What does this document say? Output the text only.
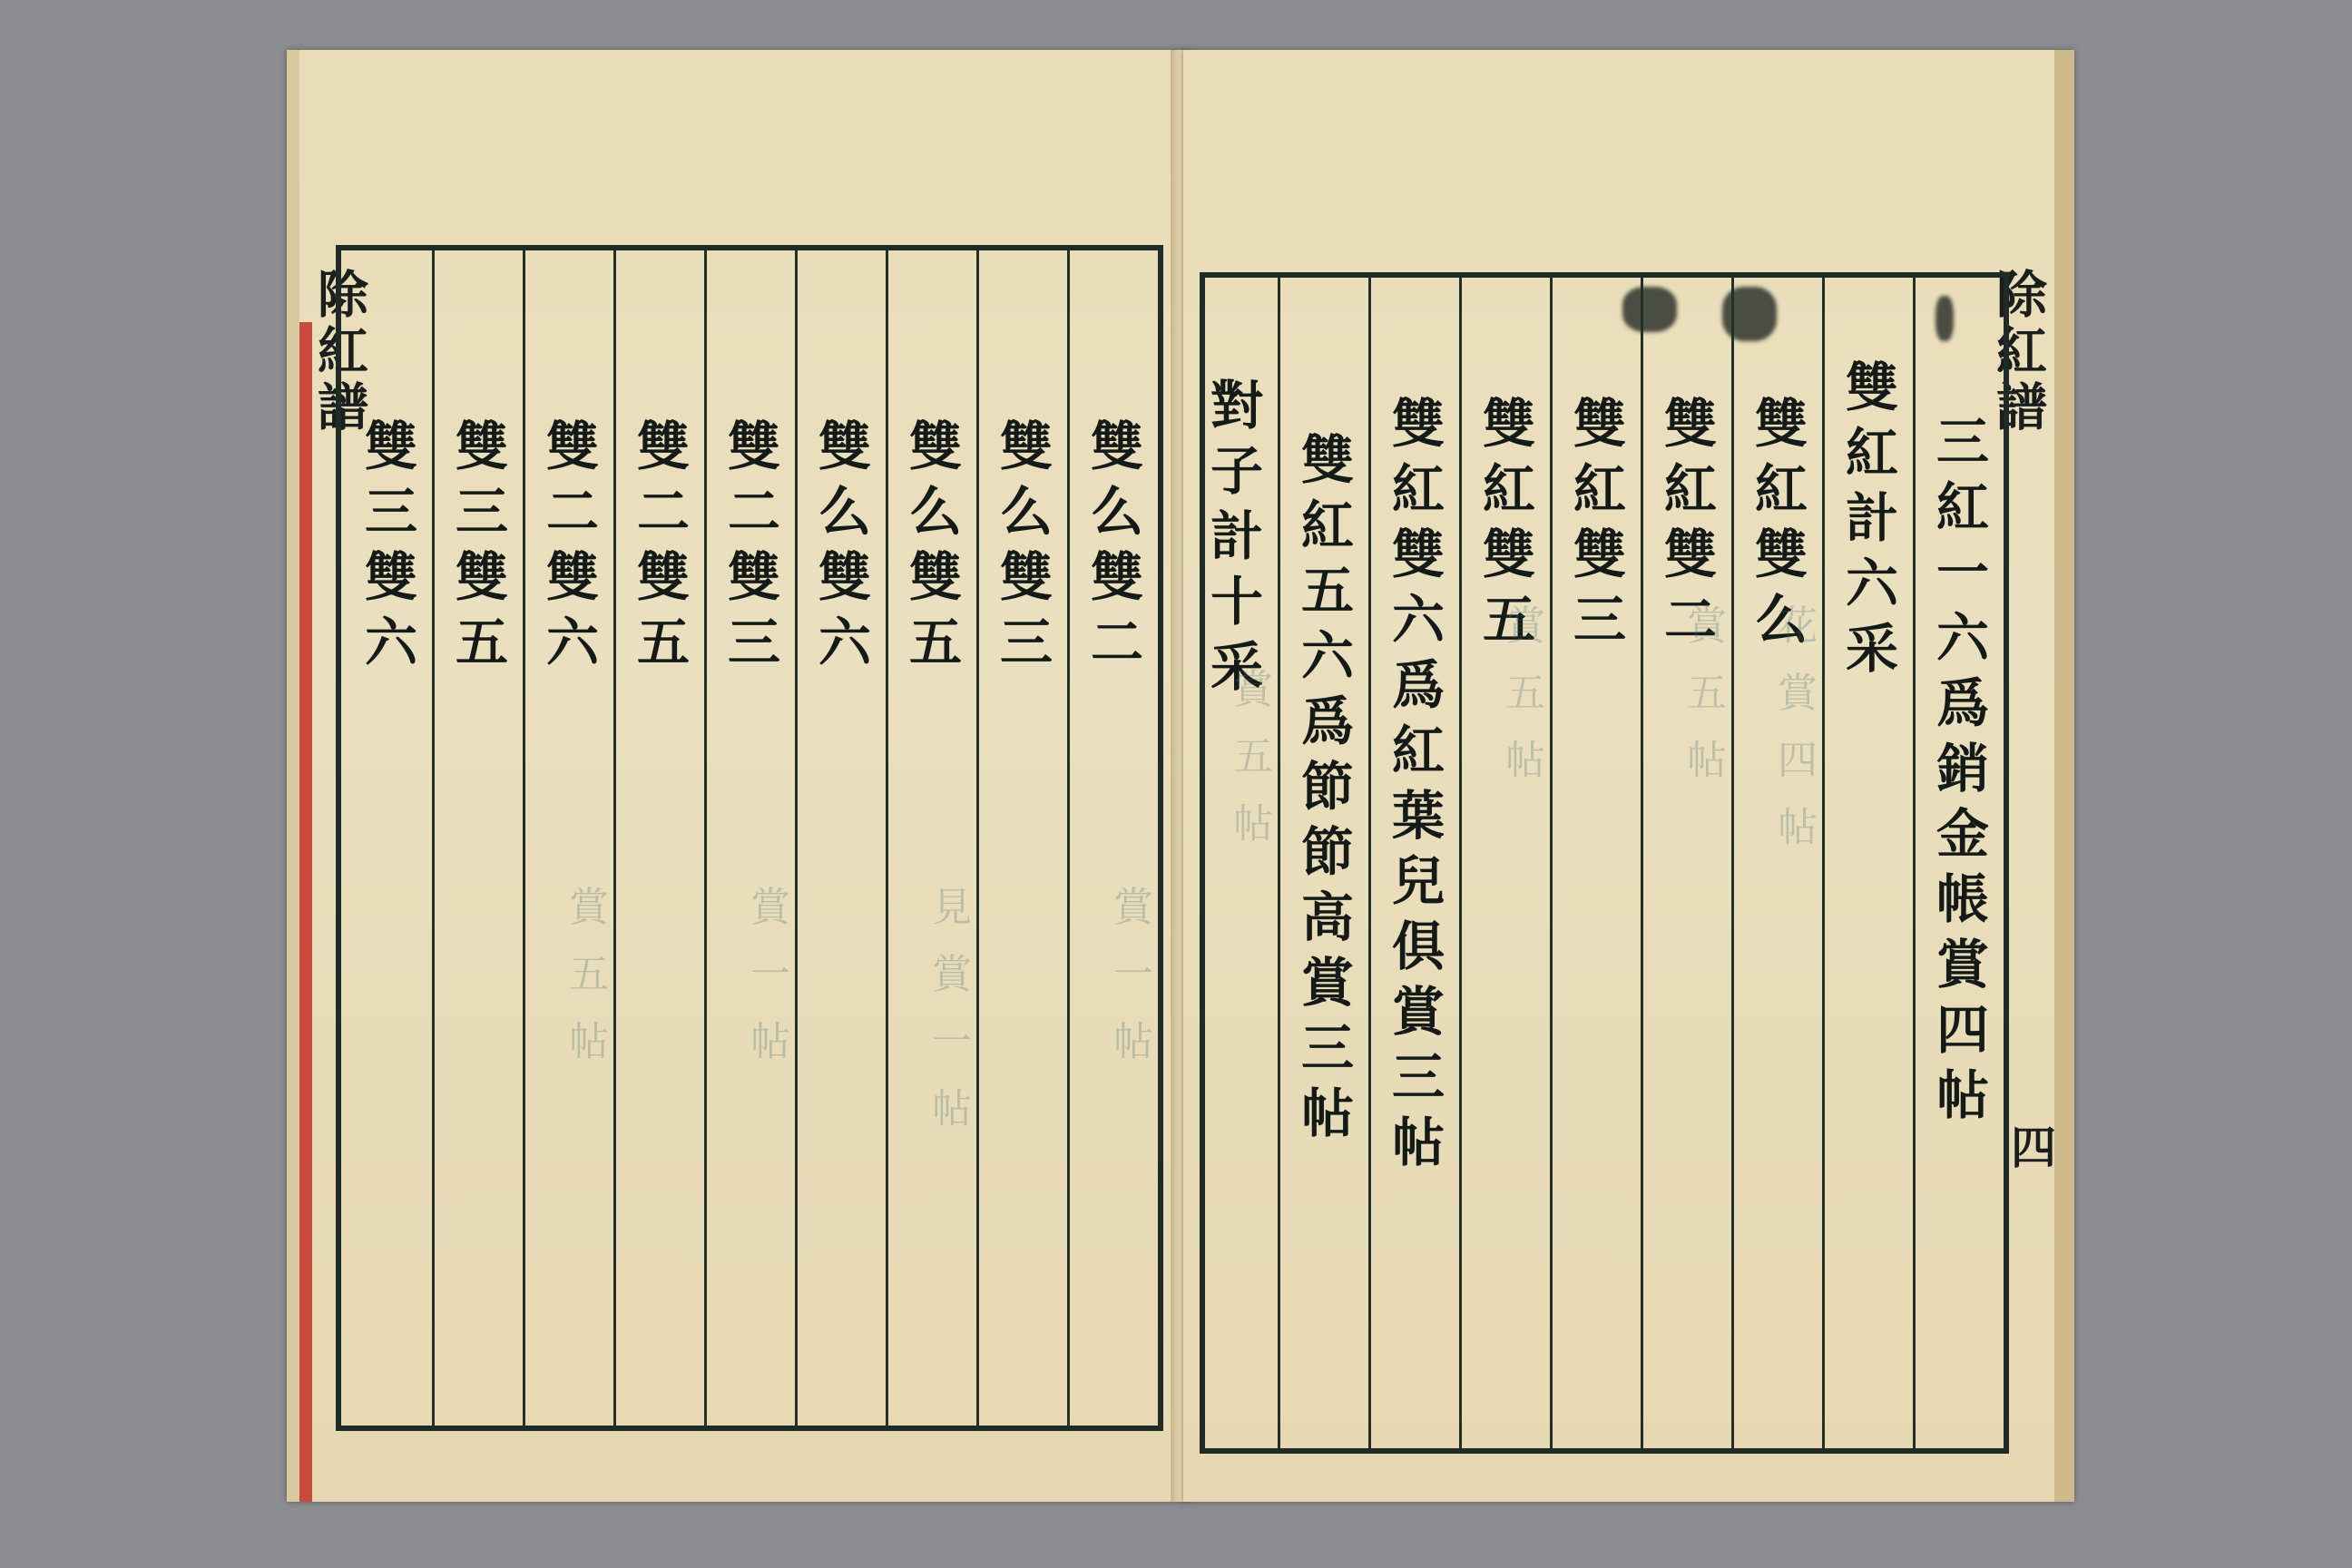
除紅譜
雙么
雙二
賞一帖
雙么
雙三
雙么
雙五
見賞一帖
雙么
雙六
雙二
雙三
賞一帖
雙二
雙五
雙二
雙六
賞五帖
雙三
雙五
雙三
雙六
除紅譜
四
三紅一六爲銷金帳賞四帖
雙紅計六采
雙紅雙么
花賞四帖
雙紅雙二
賞五帖
雙紅雙三
雙紅雙五
賞五帖
雙紅雙六爲紅葉兒俱賞三帖
雙紅五六爲節節高賞三帖
對子計十采
賞五帖
